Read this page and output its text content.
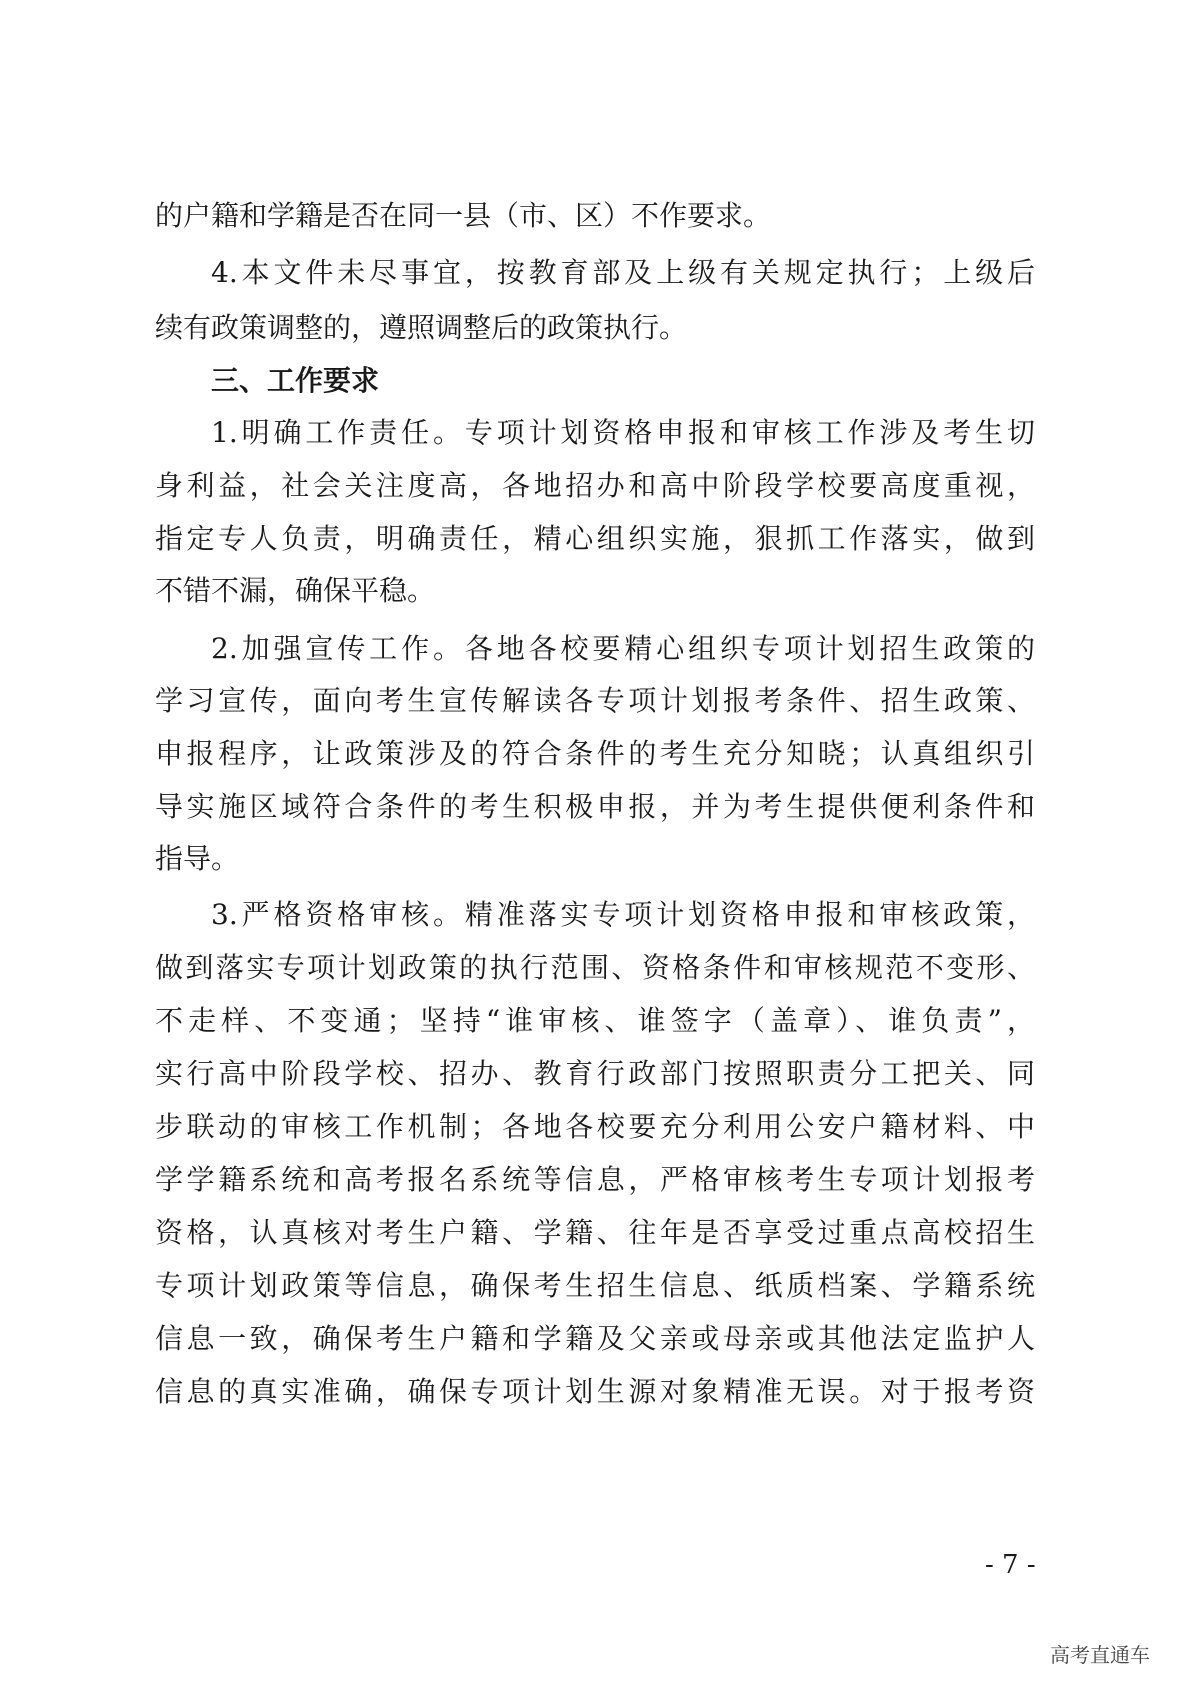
的户籍和学籍是否在同一县（市、区）不作要求。
4.本文件未尽事宜，按教育部及上级有关规定执行；上级后
续有政策调整的，遵照调整后的政策执行。
三、工作要求
1.明确工作责任。专项计划资格申报和审核工作涉及考生切
身利益，社会关注度高，各地招办和高中阶段学校要高度重视，
指定专人负责，明确责任，精心组织实施，狠抓工作落实，做到
不错不漏，确保平稳。
2.加强宣传工作。各地各校要精心组织专项计划招生政策的
学习宣传，面向考生宣传解读各专项计划报考条件、招生政策、
申报程序，让政策涉及的符合条件的考生充分知晓；认真组织引
导实施区域符合条件的考生积极申报，并为考生提供便利条件和
指导。
3.严格资格审核。精准落实专项计划资格申报和审核政策，
做到落实专项计划政策的执行范围、资格条件和审核规范不变形、
不走样、不变通；坚持“谁审核、谁签字（盖章）、谁负责”，
实行高中阶段学校、招办、教育行政部门按照职责分工把关、同
步联动的审核工作机制；各地各校要充分利用公安户籍材料、中
学学籍系统和高考报名系统等信息，严格审核考生专项计划报考
资格，认真核对考生户籍、学籍、往年是否享受过重点高校招生
专项计划政策等信息，确保考生招生信息、纸质档案、学籍系统
信息一致，确保考生户籍和学籍及父亲或母亲或其他法定监护人
信息的真实准确，确保专项计划生源对象精准无误。对于报考资
- 7 -
高考直通车
